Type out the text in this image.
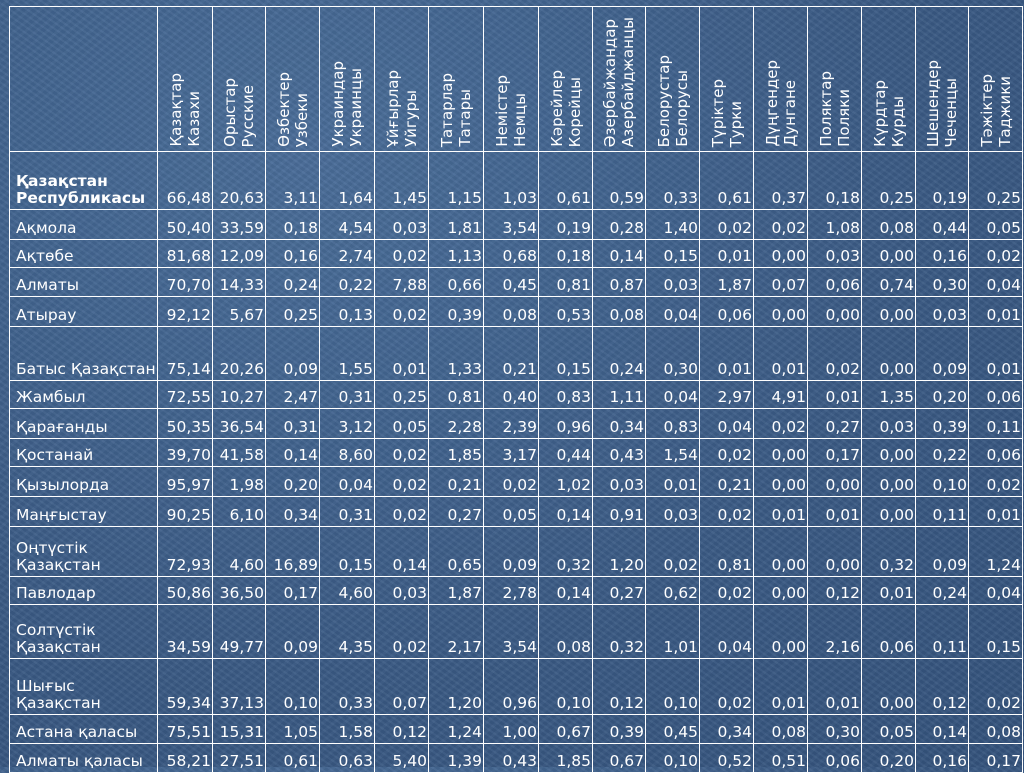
	Қазақтар Казахи	Орыстар Русские	Өзбектер Узбеки	Украиндар Украинцы	Ұйғырлар Уйгуры	Татарлар Татары	Немістер Немцы	Кәрейлер Корейцы	Әзербайжандар Азербайджанцы	Белорустар Белорусы	Түріктер Турки	Дүңгендер Дунгане	Поляктар Поляки	Күрдтар Курды	Шешендер Чеченцы	Тәжіктер Таджики

Қазақстан
Республикасы	66,48	20,63	3,11	1,64	1,45	1,15	1,03	0,61	0,59	0,33	0,61	0,37	0,18	0,25	0,19	0,25

Ақмола	50,40	33,59	0,18	4,54	0,03	1,81	3,54	0,19	0,28	1,40	0,02	0,02	1,08	0,08	0,44	0,05

Ақтөбе	81,68	12,09	0,16	2,74	0,02	1,13	0,68	0,18	0,14	0,15	0,01	0,00	0,03	0,00	0,16	0,02

Алматы	70,70	14,33	0,24	0,22	7,88	0,66	0,45	0,81	0,87	0,03	1,87	0,07	0,06	0,74	0,30	0,04

Атырау	92,12	5,67	0,25	0,13	0,02	0,39	0,08	0,53	0,08	0,04	0,06	0,00	0,00	0,00	0,03	0,01

Батыс Қазақстан	75,14	20,26	0,09	1,55	0,01	1,33	0,21	0,15	0,24	0,30	0,01	0,01	0,02	0,00	0,09	0,01

Жамбыл	72,55	10,27	2,47	0,31	0,25	0,81	0,40	0,83	1,11	0,04	2,97	4,91	0,01	1,35	0,20	0,06

Қарағанды	50,35	36,54	0,31	3,12	0,05	2,28	2,39	0,96	0,34	0,83	0,04	0,02	0,27	0,03	0,39	0,11

Қостанай	39,70	41,58	0,14	8,60	0,02	1,85	3,17	0,44	0,43	1,54	0,02	0,00	0,17	0,00	0,22	0,06

Қызылорда	95,97	1,98	0,20	0,04	0,02	0,21	0,02	1,02	0,03	0,01	0,21	0,00	0,00	0,00	0,10	0,02

Маңғыстау	90,25	6,10	0,34	0,31	0,02	0,27	0,05	0,14	0,91	0,03	0,02	0,01	0,01	0,00	0,11	0,01

Оңтүстік
Қазақстан	72,93	4,60	16,89	0,15	0,14	0,65	0,09	0,32	1,20	0,02	0,81	0,00	0,00	0,32	0,09	1,24

Павлодар	50,86	36,50	0,17	4,60	0,03	1,87	2,78	0,14	0,27	0,62	0,02	0,00	0,12	0,01	0,24	0,04

Солтүстік
Қазақстан	34,59	49,77	0,09	4,35	0,02	2,17	3,54	0,08	0,32	1,01	0,04	0,00	2,16	0,06	0,11	0,15

Шығыс
Қазақстан	59,34	37,13	0,10	0,33	0,07	1,20	0,96	0,10	0,12	0,10	0,02	0,01	0,01	0,00	0,12	0,02

Астана қаласы	75,51	15,31	1,05	1,58	0,12	1,24	1,00	0,67	0,39	0,45	0,34	0,08	0,30	0,05	0,14	0,08

Алматы қаласы	58,21	27,51	0,61	0,63	5,40	1,39	0,43	1,85	0,67	0,10	0,52	0,51	0,06	0,20	0,16	0,17
